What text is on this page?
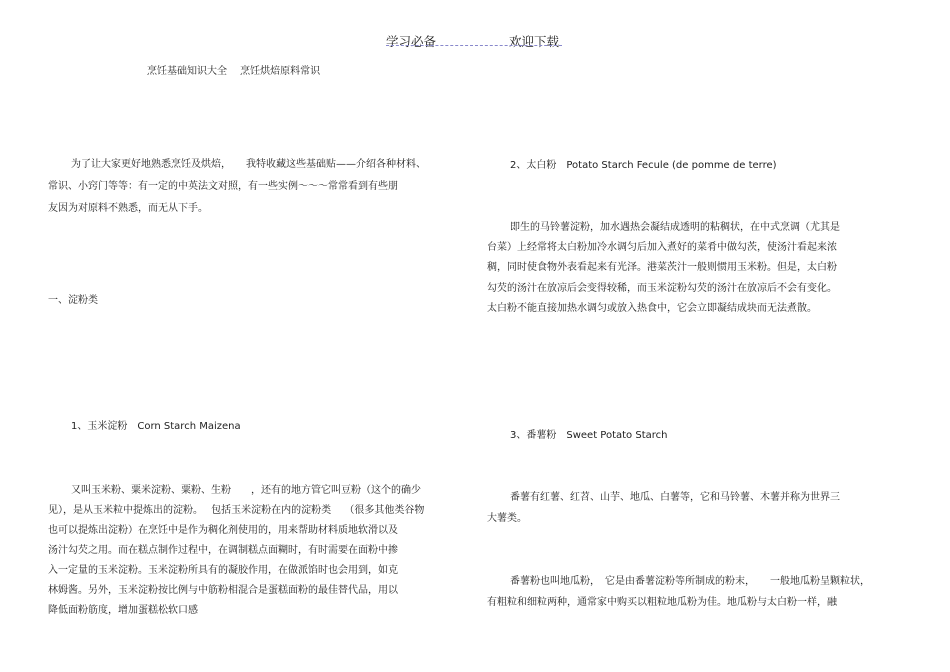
学习必备	欢迎下载
烹饪基础知识大全　 烹饪烘焙原料常识
为了让大家更好地熟悉烹饪及烘焙，　　我特收藏这些基础贴——介绍各种材料、
常识、小窍门等等：有一定的中英法文对照，有一些实例～～～常常看到有些朋
友因为对原料不熟悉，而无从下手。
一、淀粉类
1、玉米淀粉　Corn Starch Maizena
又叫玉米粉、粟米淀粉、粟粉、生粉　　，还有的地方管它叫豆粉（这个的确少
见），是从玉米粒中提炼出的淀粉。　 包括玉米淀粉在内的淀粉类　 （很多其他类谷物
也可以提炼出淀粉）在烹饪中是作为稠化剂使用的，用来帮助材料质地软滑以及
汤汁勾芡之用。而在糕点制作过程中，在调制糕点面糊时，有时需要在面粉中掺
入一定量的玉米淀粉。玉米淀粉所具有的凝胶作用，在做派馅时也会用到，如克
林姆酱。另外，玉米淀粉按比例与中筋粉相混合是蛋糕面粉的最佳替代品，用以
降低面粉筋度，增加蛋糕松软口感
2、太白粉　Potato Starch Fecule (de pomme de terre)
即生的马铃薯淀粉，加水遇热会凝结成透明的粘稠状，在中式烹调（尤其是
台菜）上经常将太白粉加冷水调匀后加入煮好的菜肴中做勾茨，使汤汁看起来浓
稠，同时使食物外表看起来有光泽。港菜茨汁一般则惯用玉米粉。但是，太白粉
勾芡的汤汁在放凉后会变得较稀，而玉米淀粉勾芡的汤汁在放凉后不会有变化。
太白粉不能直接加热水调匀或放入热食中，它会立即凝结成块而无法煮散。
3、番薯粉　Sweet Potato Starch
番薯有红薯、红苕、山芋、地瓜、白薯等，它和马铃薯、木薯并称为世界三
大薯类。
番薯粉也叫地瓜粉，　它是由番薯淀粉等所制成的粉末，　　一般地瓜粉呈颗粒状，
有粗粒和细粒两种，通常家中购买以粗粒地瓜粉为佳。地瓜粉与太白粉一样，融
